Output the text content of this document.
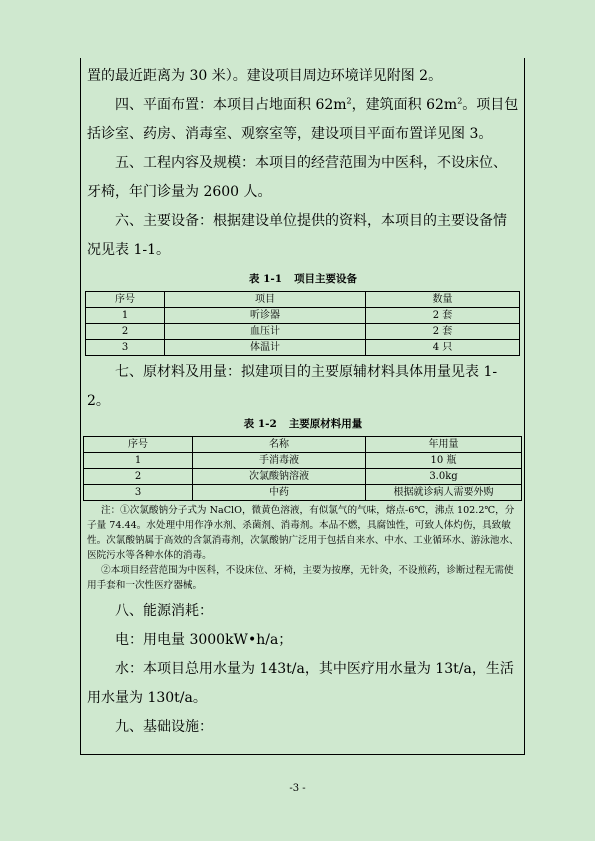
置的最近距离为 30 米）。建设项目周边环境详见附图 2。

四、平面布置：本项目占地面积 $62m^2$，建筑面积 $62m^2$。项目包括诊室、药房、消毒室、观察室等，建设项目平面布置详见图 3。

五、工程内容及规模：本项目的经营范围为中医科，不设床位、牙椅，年门诊量为 2600 人。

六、主要设备：根据建设单位提供的资料，本项目的主要设备情况见表 1-1。

表 1-1 项目主要设备
序号	项目	数量
1	听诊器	2 套
2	血压计	2 套
3	体温计	4 只

七、原材料及用量：拟建项目的主要原辅材料具体用量见表 1-2。

表 1-2 主要原材料用量
序号	名称	年用量
1	手消毒液	10 瓶
2	次氯酸钠溶液	3.0kg
3	中药	根据就诊病人需要外购

注：①次氯酸钠分子式为 NaClO，微黄色溶液，有似氯气的气味，熔点-6℃，沸点 102.2℃，分子量 74.44。水处理中用作净水剂、杀菌剂、消毒剂。本品不燃，具腐蚀性，可致人体灼伤，具致敏性。次氯酸钠属于高效的含氯消毒剂，次氯酸钠广泛用于包括自来水、中水、工业循环水、游泳池水、医院污水等各种水体的消毒。

②本项目经营范围为中医科，不设床位、牙椅，主要为按摩，无针灸，不设煎药，诊断过程无需使用手套和一次性医疗器械。

八、能源消耗：

电：用电量 3000kW•h/a；

水：本项目总用水量为 143t/a，其中医疗用水量为 13t/a，生活用水量为 130t/a。

九、基础设施：

-3 -
